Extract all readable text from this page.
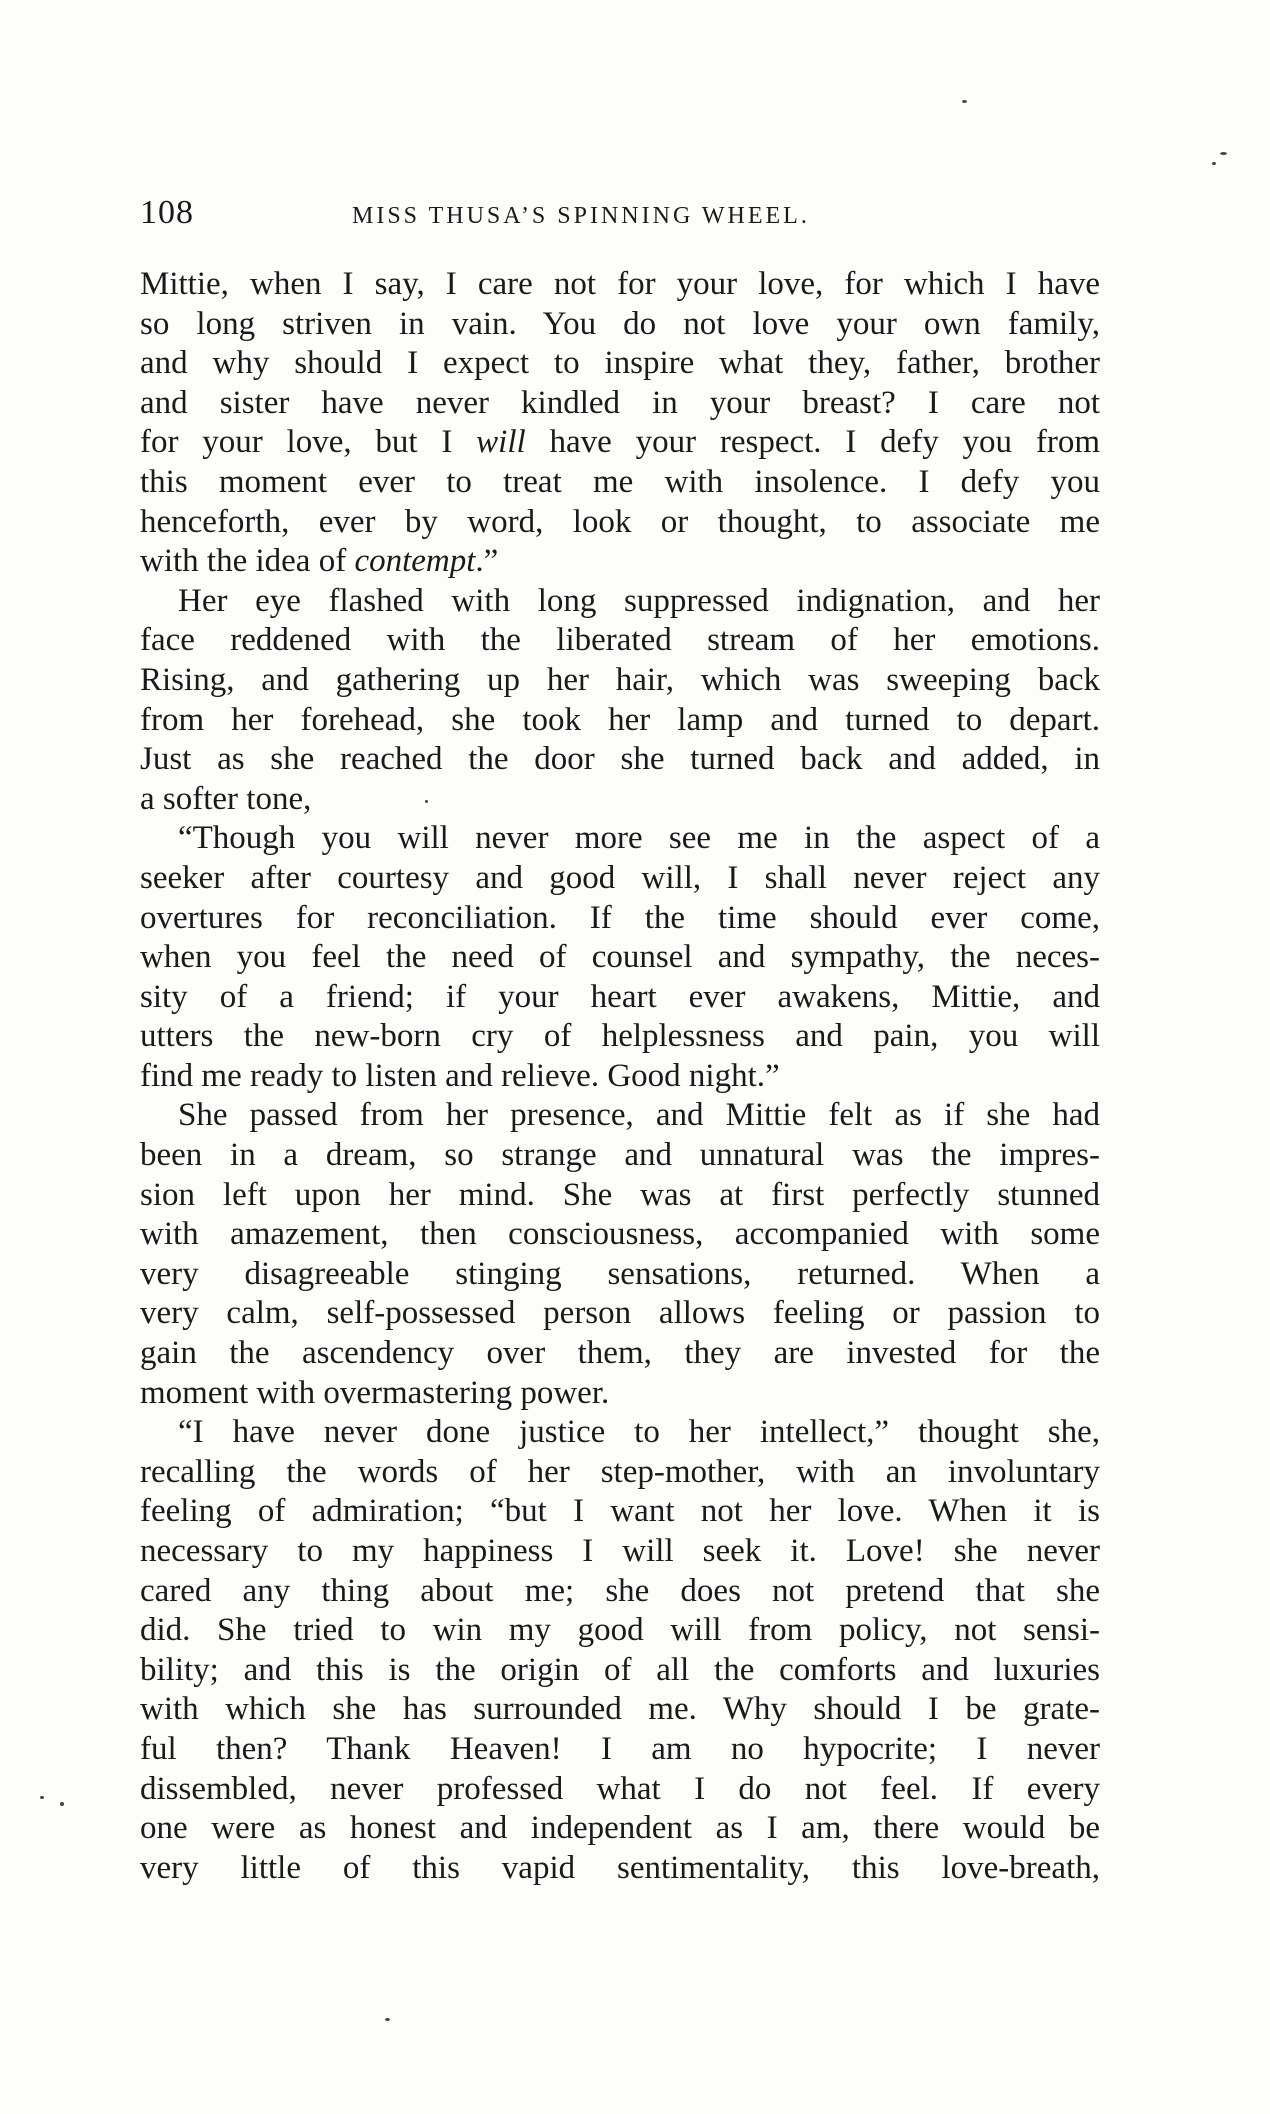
108	MISS THUSA’S SPINNING WHEEL.
Mittie, when I say, I care not for your love, for which I have
so long striven in vain. You do not love your own family,
and why should I expect to inspire what they, father, brother
and sister have never kindled in your breast? I care not
for your love, but I will have your respect. I defy you from
this moment ever to treat me with insolence. I defy you
henceforth, ever by word, look or thought, to associate me
with the idea of contempt.”
Her eye flashed with long suppressed indignation, and her
face reddened with the liberated stream of her emotions.
Rising, and gathering up her hair, which was sweeping back
from her forehead, she took her lamp and turned to depart.
Just as she reached the door she turned back and added, in
a softer tone,
“Though you will never more see me in the aspect of a
seeker after courtesy and good will, I shall never reject any
overtures for reconciliation. If the time should ever come,
when you feel the need of counsel and sympathy, the neces-
sity of a friend; if your heart ever awakens, Mittie, and
utters the new-born cry of helplessness and pain, you will
find me ready to listen and relieve. Good night.”
She passed from her presence, and Mittie felt as if she had
been in a dream, so strange and unnatural was the impres-
sion left upon her mind. She was at first perfectly stunned
with amazement, then consciousness, accompanied with some
very disagreeable stinging sensations, returned. When a
very calm, self-possessed person allows feeling or passion to
gain the ascendency over them, they are invested for the
moment with overmastering power.
“I have never done justice to her intellect,” thought she,
recalling the words of her step-mother, with an involuntary
feeling of admiration; “but I want not her love. When it is
necessary to my happiness I will seek it. Love! she never
cared any thing about me; she does not pretend that she
did. She tried to win my good will from policy, not sensi-
bility; and this is the origin of all the comforts and luxuries
with which she has surrounded me. Why should I be grate-
ful then? Thank Heaven! I am no hypocrite; I never
dissembled, never professed what I do not feel. If every
one were as honest and independent as I am, there would be
very little of this vapid sentimentality, this love-breath,
